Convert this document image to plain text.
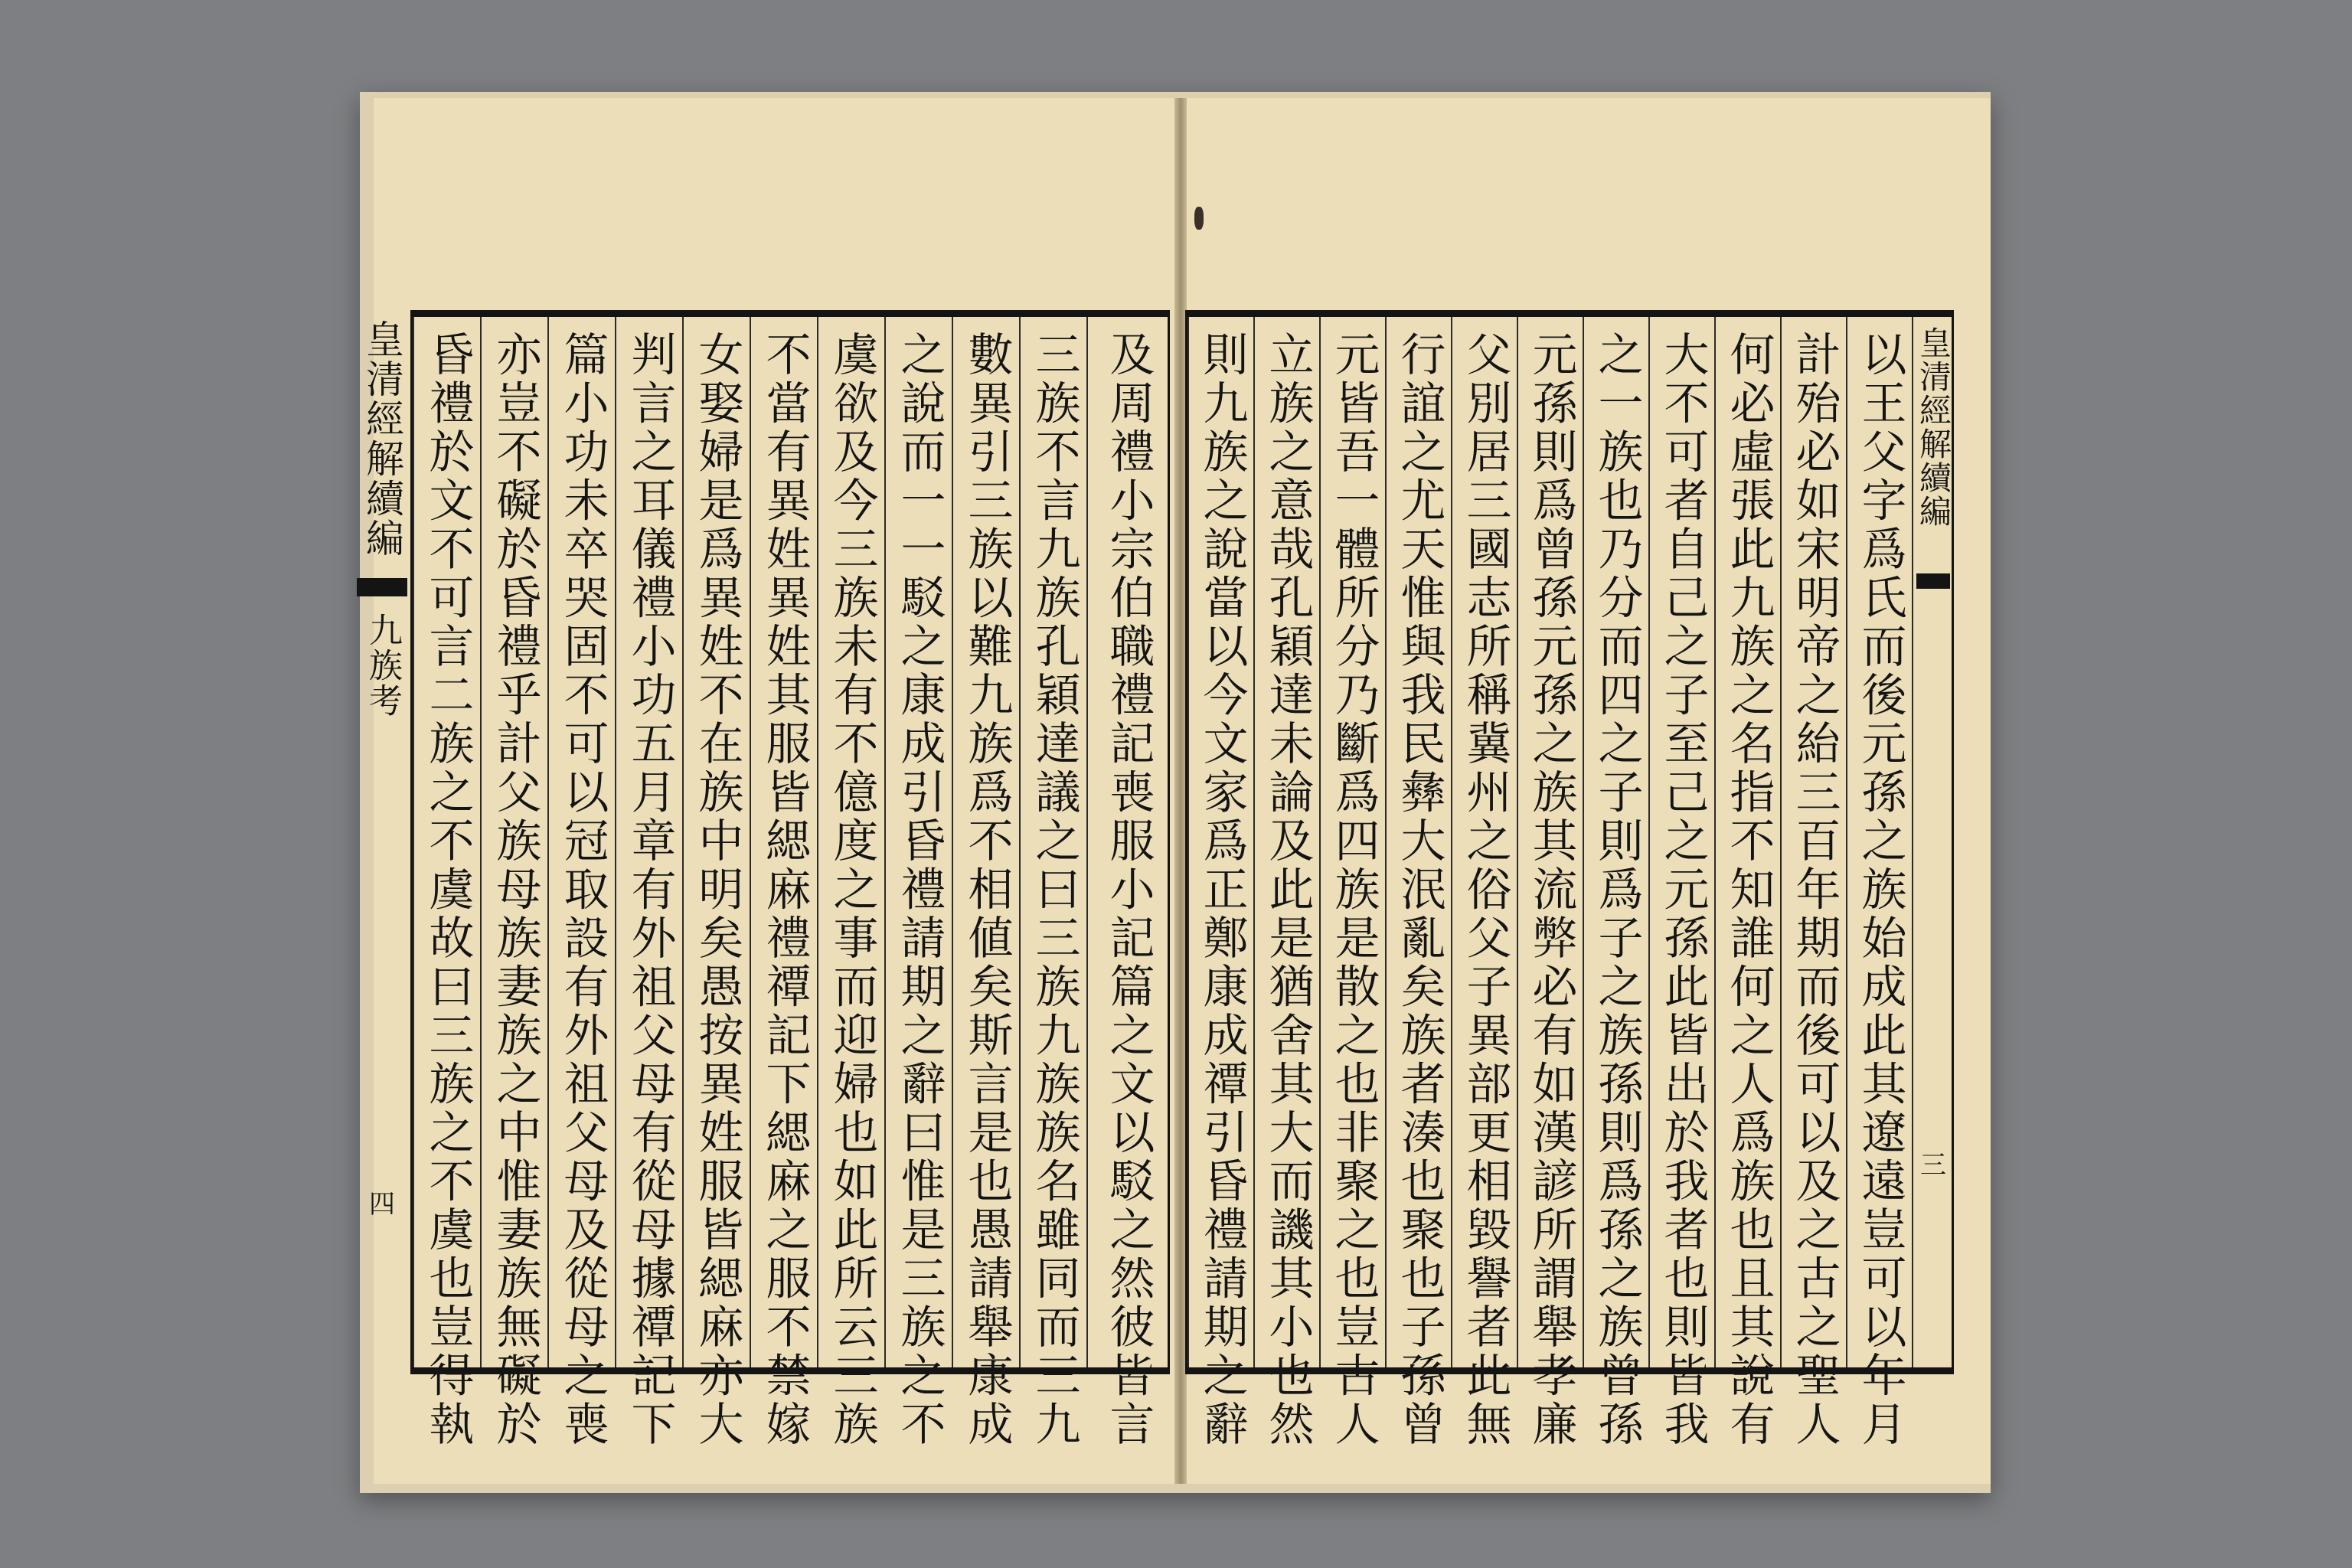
昏禮於文不可言二族之不虞故曰三族之不虞也豈得執 亦豈不礙於昏禮乎計父族母族妻族之中惟妻族無礙於 篇小功未卒哭固不可以冠取設有外祖父母及從母之喪 判言之耳儀禮小功五月章有外祖父母有從母據禫記下 女娶婦是爲異姓不在族中明矣愚按異姓服皆緦麻亦大 不當有異姓異姓其服皆緦麻禮禫記下緦麻之服不禁嫁 虞欲及今三族未有不億度之事而迎婦也如此所云三族 之說而一一駁之康成引昏禮請期之辭曰惟是三族之不 數異引三族以難九族爲不相値矣斯言是也愚請舉康成 三族不言九族孔穎達議之曰三族九族族名雖同而三九 及周禮小宗伯職禮記喪服小記篇之文以駁之然彼皆言
皇清經解續編
九族考
四	則九族之說當以今文家爲正鄭康成禫引昏禮請期之辭 立族之意哉孔穎達未論及此是猶舍其大而譏其小也然 元皆吾一體所分乃斷爲四族是散之也非聚之也豈古人 行誼之尤天惟與我民彝大泯亂矣族者湊也聚也子孫曾 父別居三國志所稱冀州之俗父子異部更相毀譽者此無 元孫則爲曾孫元孫之族其流弊必有如漢諺所謂舉孝廉 之一族也乃分而四之子則爲子之族孫則爲孫之族曾孫 大不可者自己之子至己之元孫此皆出於我者也則皆我 何必虛張此九族之名指不知誰何之人爲族也且其說有 計殆必如宋明帝之紿三百年期而後可以及之古之聖人 以王父字爲氏而後元孫之族始成此其遼遠豈可以年月 皇清經解續編
三
